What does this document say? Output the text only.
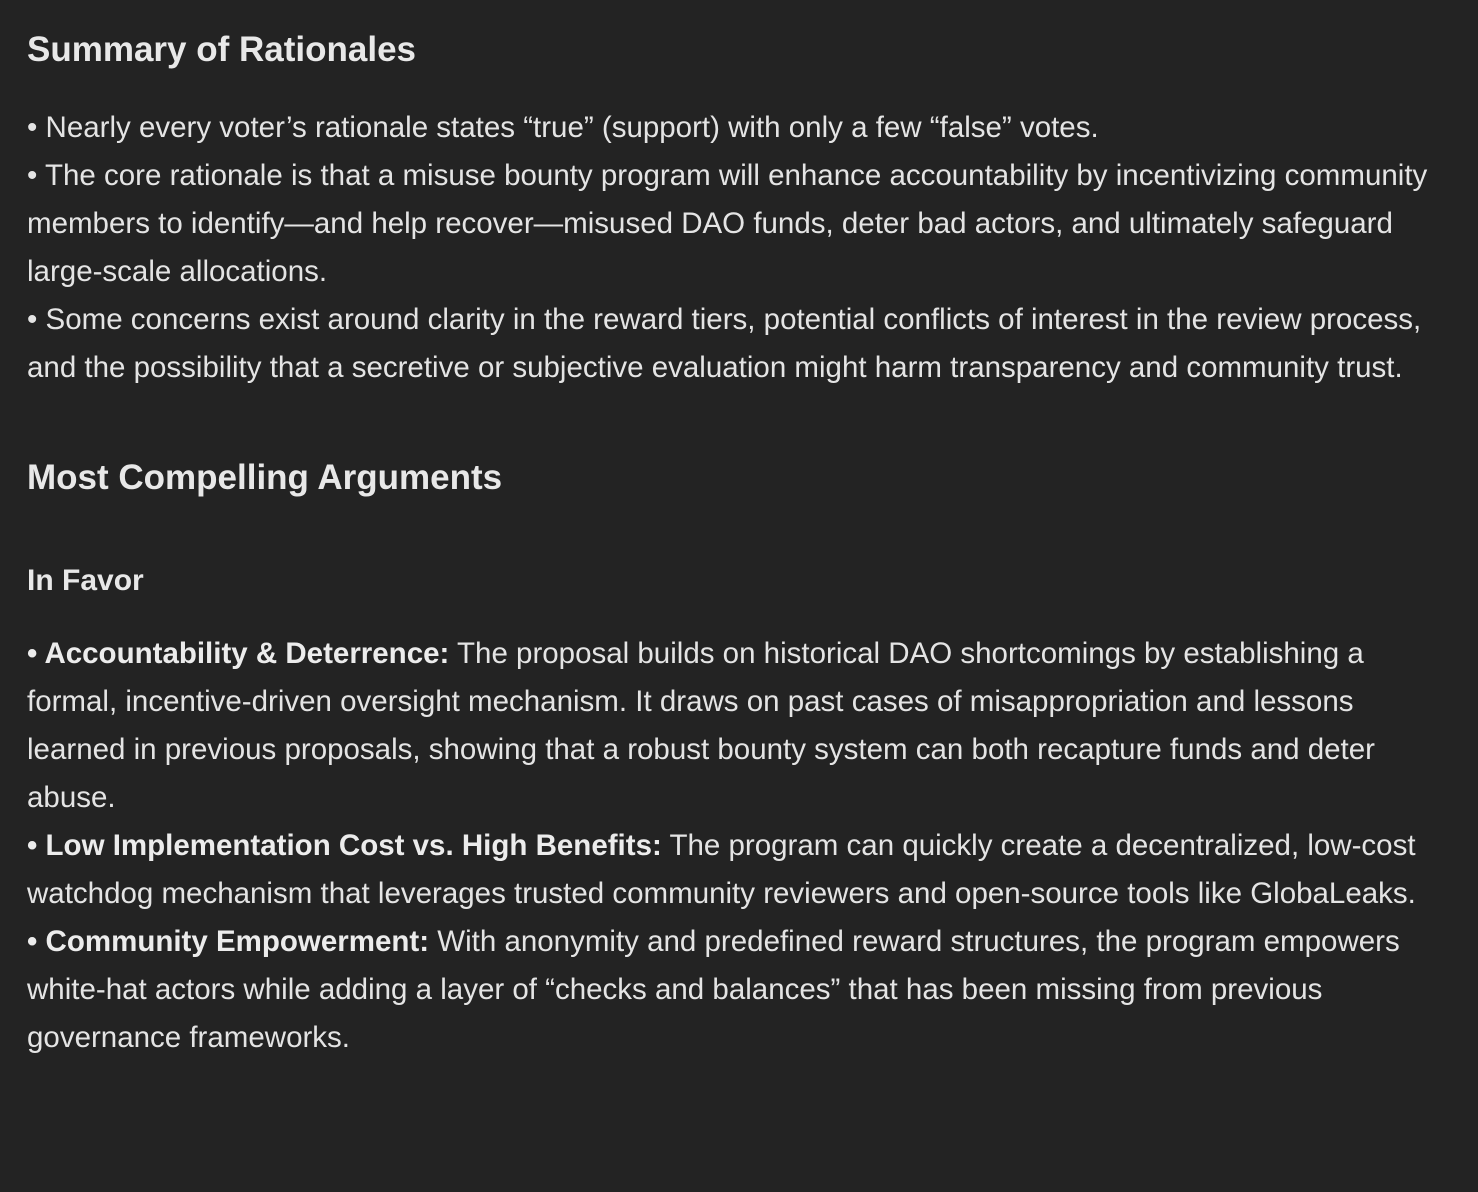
Summary of Rationales
• Nearly every voter’s rationale states “true” (support) with only a few “false” votes.
• The core rationale is that a misuse bounty program will enhance accountability by incentivizing community members to identify—and help recover—misused DAO funds, deter bad actors, and ultimately safeguard large-scale allocations.
• Some concerns exist around clarity in the reward tiers, potential conflicts of interest in the review process, and the possibility that a secretive or subjective evaluation might harm transparency and community trust.
Most Compelling Arguments
In Favor
• Accountability & Deterrence: The proposal builds on historical DAO shortcomings by establishing a formal, incentive-driven oversight mechanism. It draws on past cases of misappropriation and lessons learned in previous proposals, showing that a robust bounty system can both recapture funds and deter abuse.
• Low Implementation Cost vs. High Benefits: The program can quickly create a decentralized, low-cost watchdog mechanism that leverages trusted community reviewers and open-source tools like GlobaLeaks.
• Community Empowerment: With anonymity and predefined reward structures, the program empowers white-hat actors while adding a layer of “checks and balances” that has been missing from previous governance frameworks.
